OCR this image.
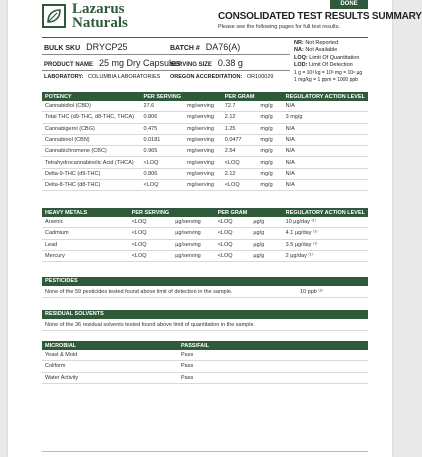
DONE
Lazarus
Naturals	CONSOLIDATED TEST RESULTS SUMMARY
Please see the following pages for full test results.
BULK SKU DRYCP25	BATCH # DA76(A)
PRODUCT NAME 25 mg Dry Capsules
SERVING SIZE 0.38 g
LABORATORY: COLUMBIA LABORATORIES OREGON ACCREDITATION: OR100029
NR: Not Reported
NA: Not Available
LOQ: Limit Of Quantitation
LOD: Limit Of Detection
1 g = 10³ kg = 10³ mg = 10⁶ µg
1 mg/kg = 1 ppm = 1000 ppb
POTENCY	PER SERVING		PER GRAM		REGULATORY ACTION LEVEL
Cannabidiol (CBD)	27.6	mg/serving	72.7	mg/g	N/A
Total THC (d9-THC, d8-THC, THCA)	0.806	mg/serving	2.12	mg/g	3 mg/g
Cannabigerol (CBG)	0.475	mg/serving	1.25	mg/g	N/A
Cannabinol (CBN)	0.0181	mg/serving	0.0477	mg/g	N/A
Cannabichromene (CBC)	0.965	mg/serving	2.54	mg/g	N/A
Tetrahydrocannabinolic Acid (THCA)	<LOQ	mg/serving	<LOQ	mg/g	N/A
Delta-9-THC (d9-THC)	0.806	mg/serving	2.12	mg/g	N/A
Delta-8-THC (d8-THC)	<LOQ	mg/serving	<LOQ	mg/g	N/A
HEAVY METALS	PER SERVING		PER GRAM		REGULATORY ACTION LEVEL
Arsenic	<LOQ	µg/serving	<LOQ	µg/g	10 µg/day ⁽¹⁾
Cadmium	<LOQ	µg/serving	<LOQ	µg/g	4.1 µg/day ⁽¹⁾
Lead	<LOQ	µg/serving	<LOQ	µg/g	3.5 µg/day ⁽¹⁾
Mercury	<LOQ	µg/serving	<LOQ	µg/g	2 µg/day ⁽¹⁾
PESTICIDES
None of the 59 pesticides tested found above limit of detection in the sample.	10 ppb ⁽²⁾
RESIDUAL SOLVENTS
None of the 36 residual solvents tested found above limit of quantitation in the sample.
MICROBIAL	PASS/FAIL
Yeast & Mold	Pass
Coliform	Pass
Water Activity	Pass
